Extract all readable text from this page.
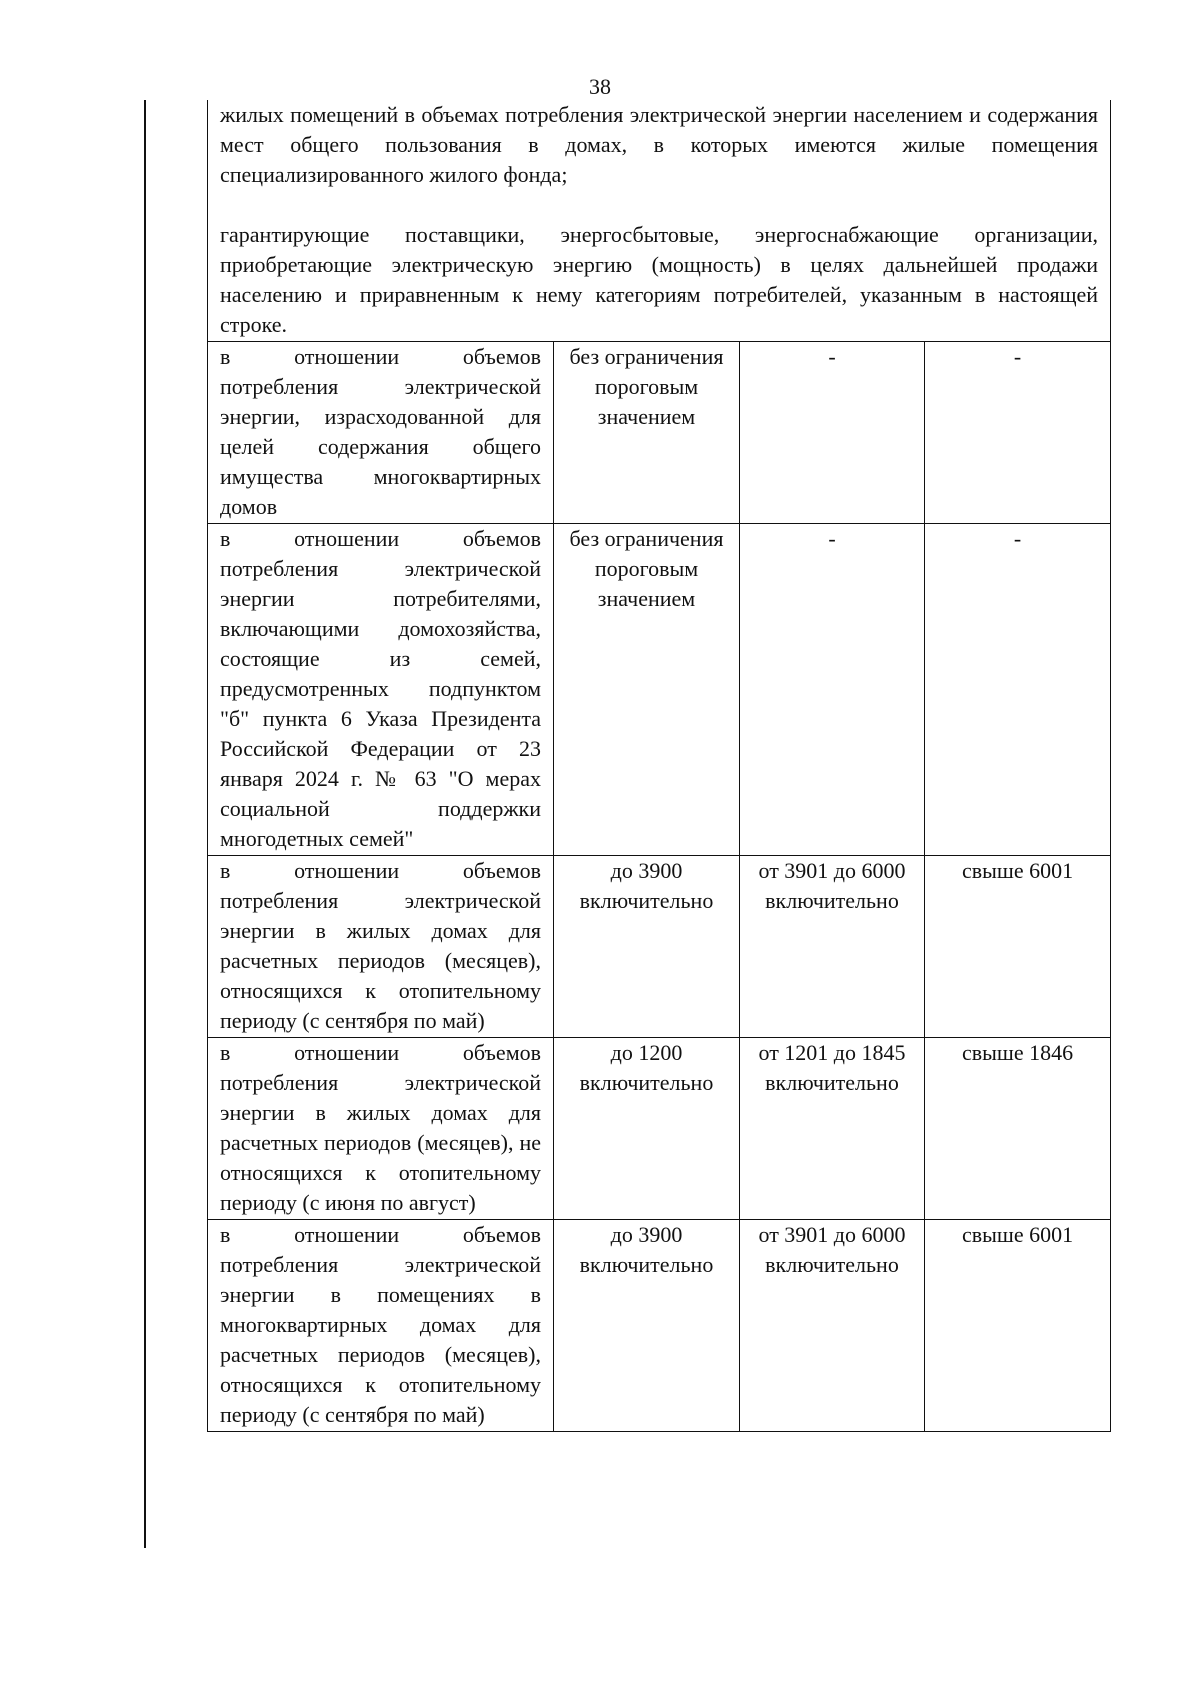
38

жилых помещений в объемах потребления электрической энергии населением и содержания мест общего пользования в домах, в которых имеются жилые помещения специализированного жилого фонда;

гарантирующие поставщики, энергосбытовые, энергоснабжающие организации, приобретающие электрическую энергию (мощность) в целях дальнейшей продажи населению и приравненным к нему категориям потребителей, указанным в настоящей строке.			

в отношении объемов потребления электрической энергии, израсходованной для целей содержания общего имущества многоквартирных домов	без ограничения пороговым значением	-	-
в отношении объемов потребления электрической энергии потребителями, включающими домохозяйства, состоящие из семей, предусмотренных подпунктом "б" пункта 6 Указа Президента Российской Федерации от 23 января 2024 г. № 63 "О мерах социальной поддержки многодетных семей"	без ограничения пороговым значением	-	-
в отношении объемов потребления электрической энергии в жилых домах для расчетных периодов (месяцев), относящихся к отопительному периоду (с сентября по май)	до 3900 включительно	от 3901 до 6000 включительно	свыше 6001
в отношении объемов потребления электрической энергии в жилых домах для расчетных периодов (месяцев), не относящихся к отопительному периоду (с июня по август)	до 1200 включительно	от 1201 до 1845 включительно	свыше 1846
в отношении объемов потребления электрической энергии в помещениях в многоквартирных домах для расчетных периодов (месяцев), относящихся к отопительному периоду (с сентября по май)	до 3900 включительно	от 3901 до 6000 включительно	свыше 6001
